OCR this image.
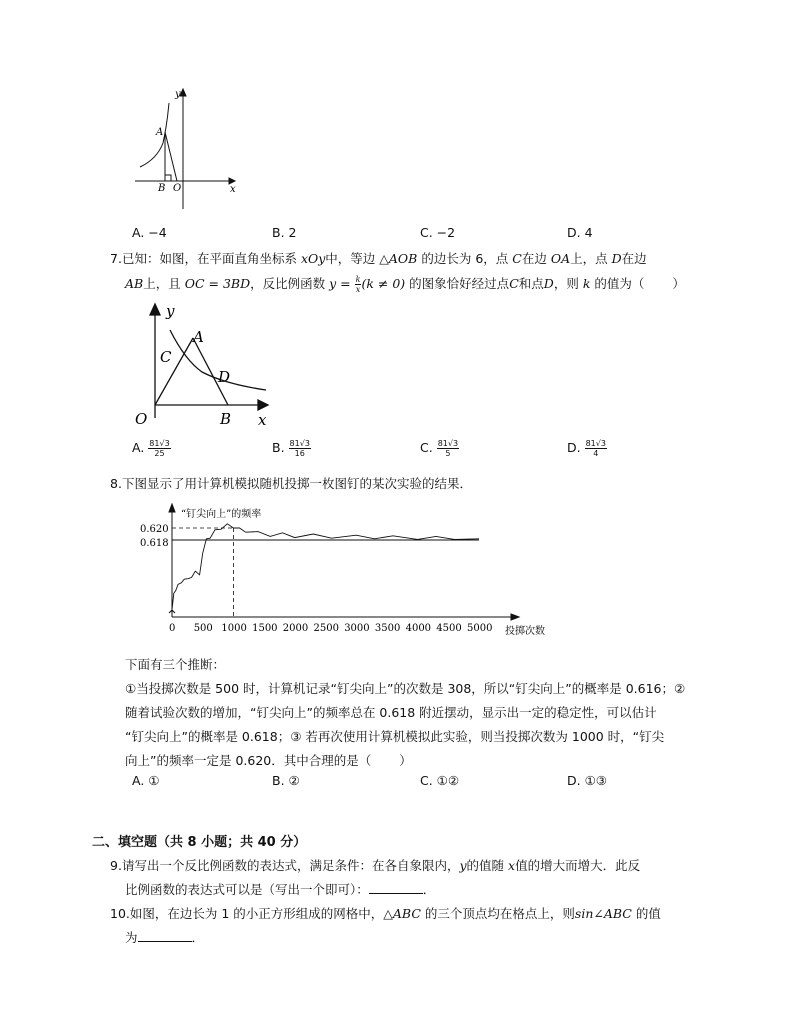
y
x
A
B O
A. −4	B. 2	C. −2	D. 4
7.已知：如图，在平面直角坐标系 xOy中，等边 △AOB 的边长为 6，点 C在边 OA上，点 D在边
AB上，且 OC = 3BD，反比例函数 $y = \frac{k}{x} (k \ne 0)$ 的图象恰好经过点C和点D，则 k 的值为（ ）
y
x
A
B
C
D
O
A. $\frac{81√3}{25}$	B. $\frac{81√3}{16}$	C. $\frac{81√3}{5}$	D. $\frac{81√3}{4}$
8.下图显示了用计算机模拟随机投掷一枚图钉的某次实验的结果．
“钉尖向上”的频率
0.620
0.618
0 500 1000 1500 2000 2500 3000 3500 4000 4500 5000 投掷次数
下面有三个推断：
①当投掷次数是 500 时，计算机记录“钉尖向上”的次数是 308，所以“钉尖向上”的概率是 0.616；②
随着试验次数的增加，“钉尖向上”的频率总在 0.618 附近摆动，显示出一定的稳定性，可以估计
“钉尖向上”的概率是 0.618；③ 若再次使用计算机模拟此实验，则当投掷次数为 1000 时，“钉尖
向上”的频率一定是 0.620．其中合理的是（ ）
A. ①	B. ②	C. ①②	D. ①③
二、填空题（共 8 小题；共 40 分）
9.请写出一个反比例函数的表达式，满足条件：在各自象限内，y的值随 x值的增大而增大．此反
比例函数的表达式可以是（写出一个即可）：	．
10.如图，在边长为 1 的小正方形组成的网格中，△ABC 的三个顶点均在格点上，则sin∠ABC 的值
为	．
